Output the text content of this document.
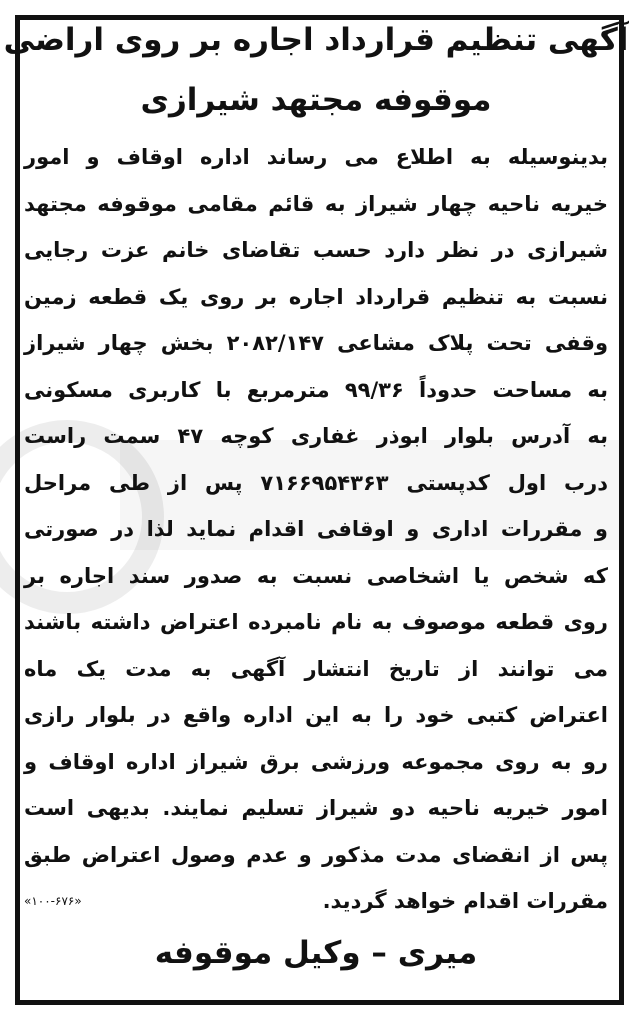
آگهی تنظیم قرارداد اجاره بر روی اراضی
موقوفه مجتهد شیرازی
بدینوسیله به اطلاع می رساند اداره اوقاف و امور
خیریه ناحیه چهار شیراز به قائم مقامی موقوفه مجتهد
شیرازی در نظر دارد حسب تقاضای خانم عزت رجایی
نسبت به تنظیم قرارداد اجاره بر روی یک قطعه زمین
وقفی تحت پلاک مشاعی ۲۰۸۲/۱۴۷ بخش چهار شیراز
به مساحت حدوداً ۹۹/۳۶ مترمربع با کاربری مسکونی
به آدرس بلوار ابوذر غفاری کوچه ۴۷ سمت راست
درب اول کدپستی ۷۱۶۶۹۵۴۳۶۳ پس از طی مراحل
و مقررات اداری و اوقافی اقدام نماید لذا در صورتی
که شخص یا اشخاصی نسبت به صدور سند اجاره بر
روی قطعه موصوف به نام نامبرده اعتراض داشته باشند
می توانند از تاریخ انتشار آگهی به مدت یک ماه
اعتراض کتبی خود را به این اداره واقع در بلوار رازی
رو به روی مجموعه ورزشی برق شیراز اداره اوقاف و
امور خیریه ناحیه دو شیراز تسلیم نمایند. بدیهی است
پس از انقضای مدت مذکور و عدم وصول اعتراض طبق
مقررات اقدام خواهد گردید.
«۱۰۰-۶۷۶»
میری – وکیل موقوفه
